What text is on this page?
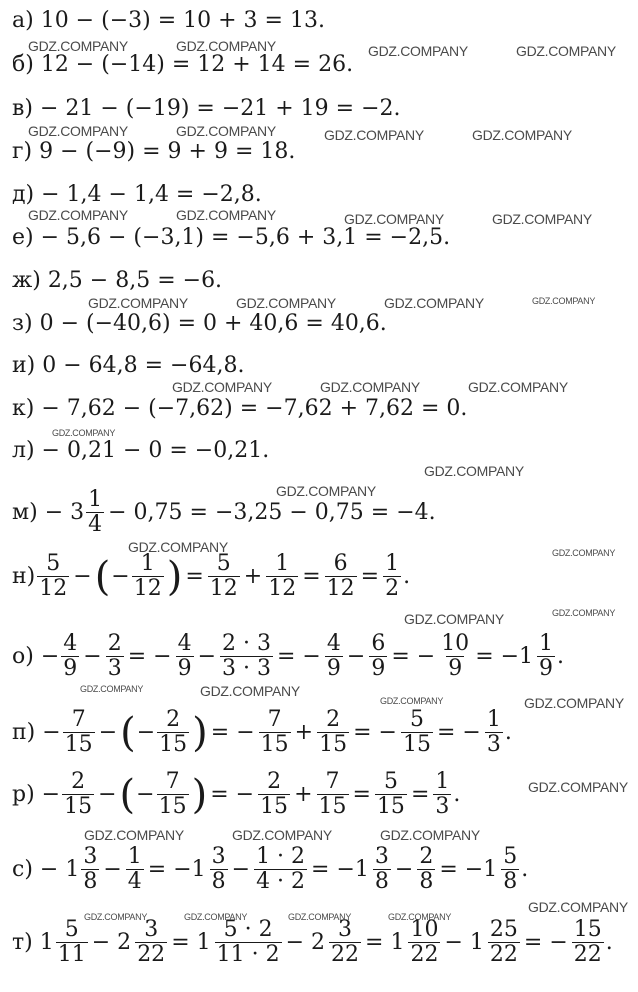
а) 10 − (−3) = 10 + 3 = 13.
б) 12 − (−14) = 12 + 14 = 26.
в) − 21 − (−19) = −21 + 19 = −2.
г) 9 − (−9) = 9 + 9 = 18.
д) − 1,4 − 1,4 = −2,8.
е) − 5,6 − (−3,1) = −5,6 + 3,1 = −2,5.
ж) 2,5 − 8,5 = −6.
з) 0 − (−40,6) = 0 + 40,6 = 40,6.
и) 0 − 64,8 = −64,8.
к) − 7,62 − (−7,62) = −7,62 + 7,62 = 0.
л) − 0,21 − 0 = −0,21.
$м) - 3 \frac{1}{4} - 0,75 = -3,25 - 0,75 = -4$.
$н) \frac{5}{12}$ − ( − $\frac{1}{12}$ ) = $\frac{5}{12} + \frac{1}{12} = \frac{6}{12} = \frac{1}{2}$ .
$о) - \frac{4}{9} - \frac{2}{3}$ = − $\frac{4}{9} - \frac{2 \cdot 3}{3 \cdot 3}$ = − $\frac{4}{9} - \frac{6}{9}$ = − $\frac{10}{9} = -1 \frac{1}{9}$ .
$п) - \frac{7}{15}$ − ( − $\frac{2}{15}$ ) = − $\frac{7}{15} + \frac{2}{15}$ = − $\frac{5}{15}$ = − $\frac{1}{3}$ .
$р) - \frac{2}{15}$ − ( − $\frac{7}{15}$ ) = − $\frac{2}{15} + \frac{7}{15} = \frac{5}{15} = \frac{1}{3}$ .
$с) - 1 \frac{3}{8} - \frac{1}{4} = -1 \frac{3}{8} - \frac{1 \cdot 2}{4 \cdot 2} = -1 \frac{3}{8} - \frac{2}{8} = -1 \frac{5}{8}$ .
т) $1 \frac{5}{11} - 2 \frac{3}{22} = 1 \frac{5 \cdot 2}{11 \cdot 2} - 2 \frac{3}{22} = 1 \frac{10}{22} - 1 \frac{25}{22}$ = − $\frac{15}{22}$ .
GDZ.COMPANY	GDZ.COMPANY	GDZ.COMPANY	GDZ.COMPANY
GDZ.COMPANY	GDZ.COMPANY	GDZ.COMPANY	GDZ.COMPANY
GDZ.COMPANY	GDZ.COMPANY	GDZ.COMPANY	GDZ.COMPANY
GDZ.COMPANY	GDZ.COMPANY	GDZ.COMPANY	GDZ.COMPANY
GDZ.COMPANY	GDZ.COMPANY	GDZ.COMPANY
GDZ.COMPANY
GDZ.COMPANY
GDZ.COMPANY
GDZ.COMPANY	GDZ.COMPANY
GDZ.COMPANY	GDZ.COMPANY
GDZ.COMPANY	GDZ.COMPANY
GDZ.COMPANY	GDZ.COMPANY
GDZ.COMPANY
GDZ.COMPANY	GDZ.COMPANY	GDZ.COMPANY
GDZ.COMPANY
GDZ.COMPANY	GDZ.COMPANY	GDZ.COMPANY	GDZ.COMPANY
